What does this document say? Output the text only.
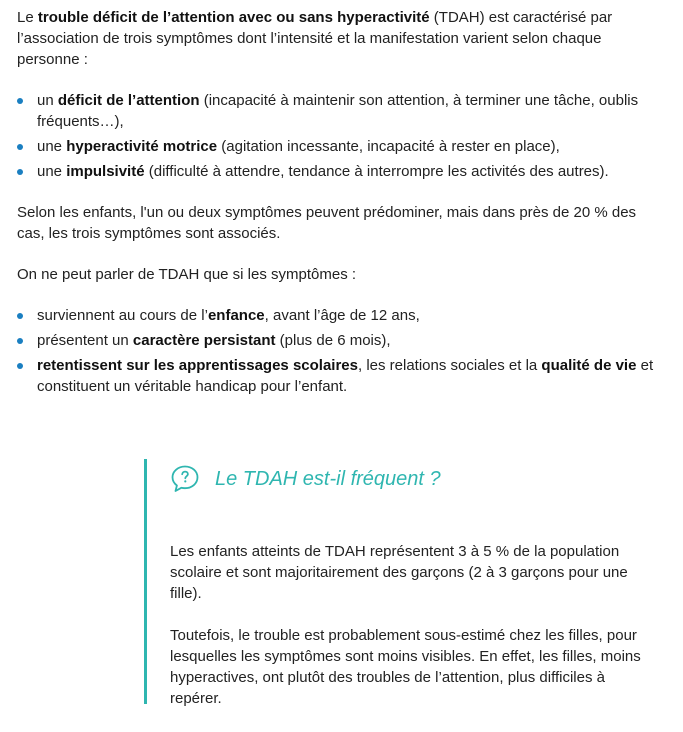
Le trouble déficit de l’attention avec ou sans hyperactivité (TDAH) est caractérisé par l’association de trois symptômes dont l’intensité et la manifestation varient selon chaque personne :

un déficit de l’attention (incapacité à maintenir son attention, à terminer une tâche, oublis fréquents…),
une hyperactivité motrice (agitation incessante, incapacité à rester en place),
une impulsivité (difficulté à attendre, tendance à interrompre les activités des autres).

Selon les enfants, l'un ou deux symptômes peuvent prédominer, mais dans près de 20 % des cas, les trois symptômes sont associés.

On ne peut parler de TDAH que si les symptômes :

surviennent au cours de l’enfance, avant l’âge de 12 ans,
présentent un caractère persistant (plus de 6 mois),
retentissent sur les apprentissages scolaires, les relations sociales et la qualité de vie et constituent un véritable handicap pour l’enfant.
Le TDAH est-il fréquent ?

Les enfants atteints de TDAH représentent 3 à 5 % de la population scolaire et sont majoritairement des garçons (2 à 3 garçons pour une fille).

Toutefois, le trouble est probablement sous-estimé chez les filles, pour lesquelles les symptômes sont moins visibles. En effet, les filles, moins hyperactives, ont plutôt des troubles de l’attention, plus difficiles à repérer.
